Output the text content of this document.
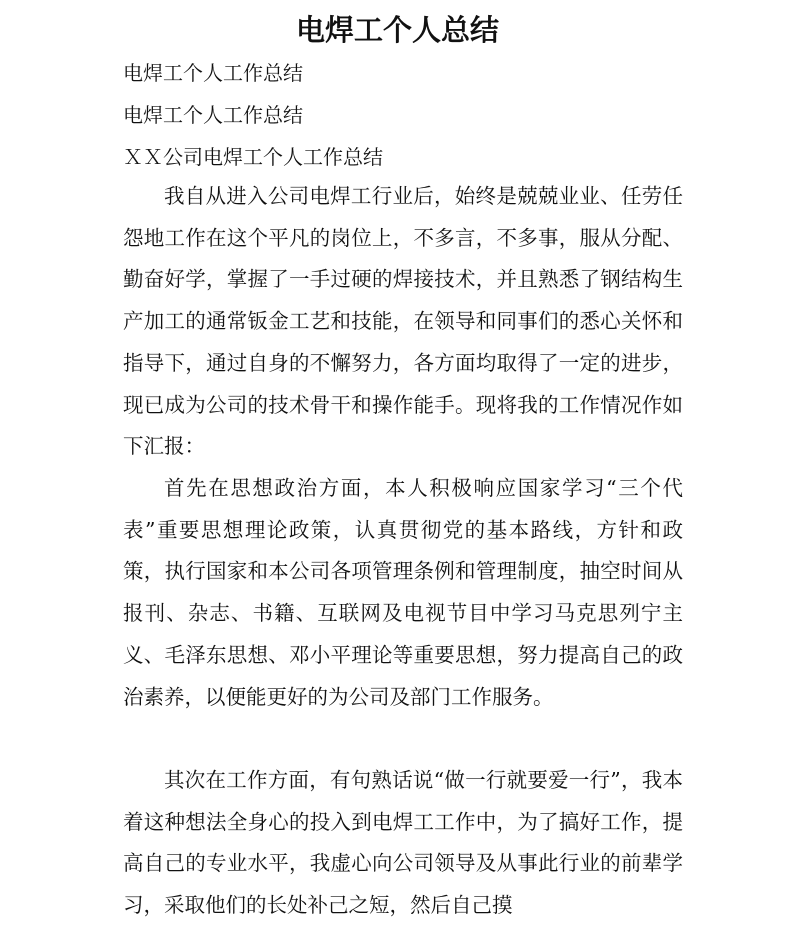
电焊工个人总结

电焊工个人工作总结

电焊工个人工作总结

ＸＸ公司电焊工个人工作总结

我自从进入公司电焊工行业后，始终是兢兢业业、任劳任怨地工作在这个平凡的岗位上，不多言，不多事，服从分配、勤奋好学，掌握了一手过硬的焊接技术，并且熟悉了钢结构生产加工的通常钣金工艺和技能，在领导和同事们的悉心关怀和指导下，通过自身的不懈努力，各方面均取得了一定的进步，现已成为公司的技术骨干和操作能手。现将我的工作情况作如下汇报：

首先在思想政治方面，本人积极响应国家学习“三个代表”重要思想理论政策，认真贯彻党的基本路线，方针和政策，执行国家和本公司各项管理条例和管理制度，抽空时间从报刊、杂志、书籍、互联网及电视节目中学习马克思列宁主义、毛泽东思想、邓小平理论等重要思想，努力提高自己的政治素养，以便能更好的为公司及部门工作服务。

其次在工作方面，有句熟话说“做一行就要爱一行”，我本着这种想法全身心的投入到电焊工工作中，为了搞好工作，提高自己的专业水平，我虚心向公司领导及从事此行业的前辈学习，采取他们的长处补己之短，然后自己摸
